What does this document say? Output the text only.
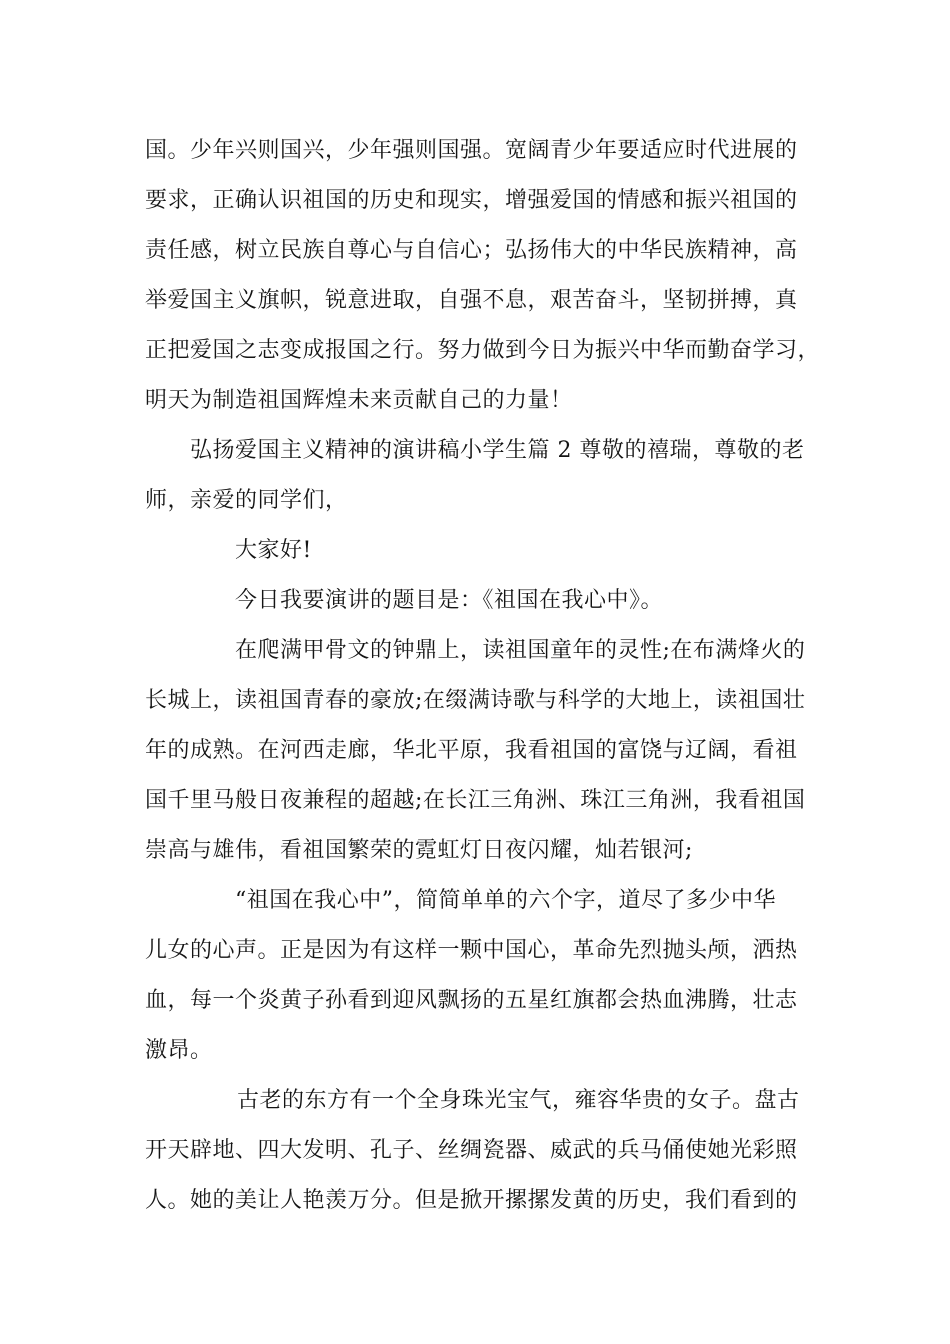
国。少年兴则国兴，少年强则国强。宽阔青少年要适应时代进展的
要求，正确认识祖国的历史和现实，增强爱国的情感和振兴祖国的
责任感，树立民族自尊心与自信心；弘扬伟大的中华民族精神，高
举爱国主义旗帜，锐意进取，自强不息，艰苦奋斗，坚韧拼搏，真
正把爱国之志变成报国之行。努力做到今日为振兴中华而勤奋学习，
明天为制造祖国辉煌未来贡献自己的力量！
弘扬爱国主义精神的演讲稿小学生篇 2 尊敬的禧瑞，尊敬的老
师，亲爱的同学们，
大家好!
今日我要演讲的题目是：《祖国在我心中》。
在爬满甲骨文的钟鼎上，读祖国童年的灵性;在布满烽火的
长城上，读祖国青春的豪放;在缀满诗歌与科学的大地上，读祖国壮
年的成熟。在河西走廊，华北平原，我看祖国的富饶与辽阔，看祖
国千里马般日夜兼程的超越;在长江三角洲、珠江三角洲，我看祖国
崇高与雄伟，看祖国繁荣的霓虹灯日夜闪耀，灿若银河;
“祖国在我心中”，简简单单的六个字，道尽了多少中华
儿女的心声。正是因为有这样一颗中国心，革命先烈抛头颅，洒热
血，每一个炎黄子孙看到迎风飘扬的五星红旗都会热血沸腾，壮志
激昂。
古老的东方有一个全身珠光宝气，雍容华贵的女子。盘古
开天辟地、四大发明、孔子、丝绸瓷器、威武的兵马俑使她光彩照
人。她的美让人艳羡万分。但是掀开摞摞发黄的历史，我们看到的
